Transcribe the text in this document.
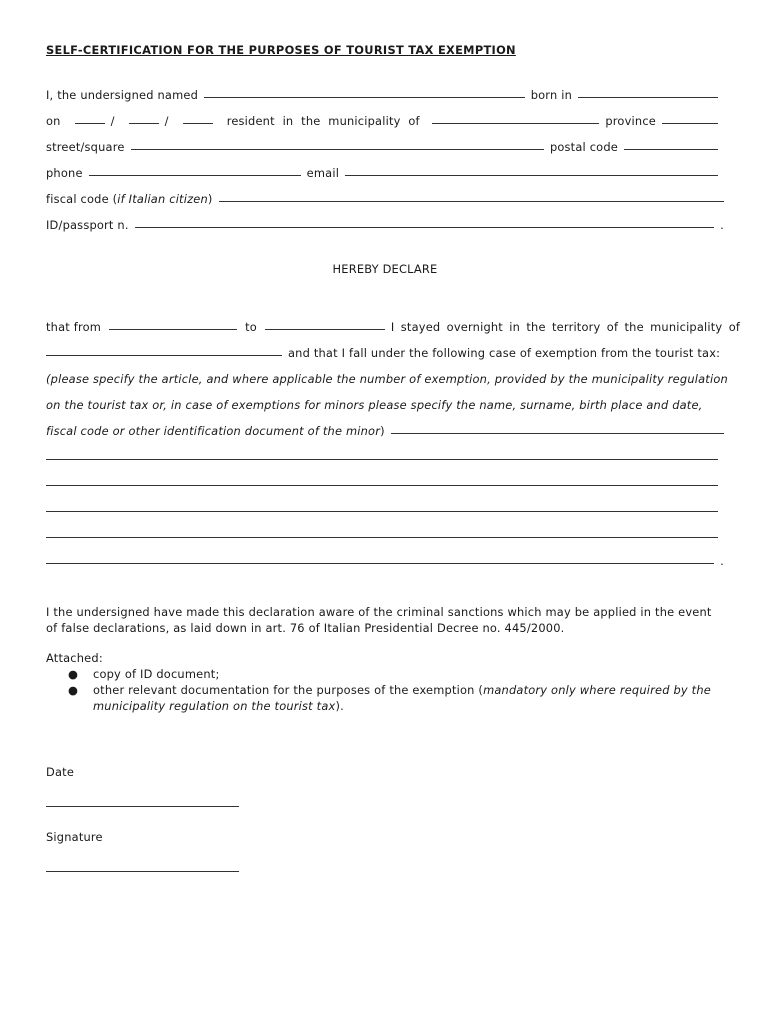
SELF-CERTIFICATION FOR THE PURPOSES OF TOURIST TAX EXEMPTION
I, the undersigned named	born in
on	/	/	resident in the municipality of	province
street/square	postal code
phone	email
fiscal code (if Italian citizen)
ID/passport n.	.
HEREBY DECLARE
that from	to	I stayed overnight in the territory of the municipality of
and that I fall under the following case of exemption from the tourist tax:
(please specify the article, and where applicable the number of exemption, provided by the municipality regulation
on the tourist tax or, in case of exemptions for minors please specify the name, surname, birth place and date,
fiscal code or other identification document of the minor)
.

I the undersigned have made this declaration aware of the criminal sanctions which may be applied in the event of false declarations, as laid down in art. 76 of Italian Presidential Decree no. 445/2000.

Attached:
● copy of ID document;
● other relevant documentation for the purposes of the exemption (mandatory only where required by the municipality regulation on the tourist tax).
Date
Signature
